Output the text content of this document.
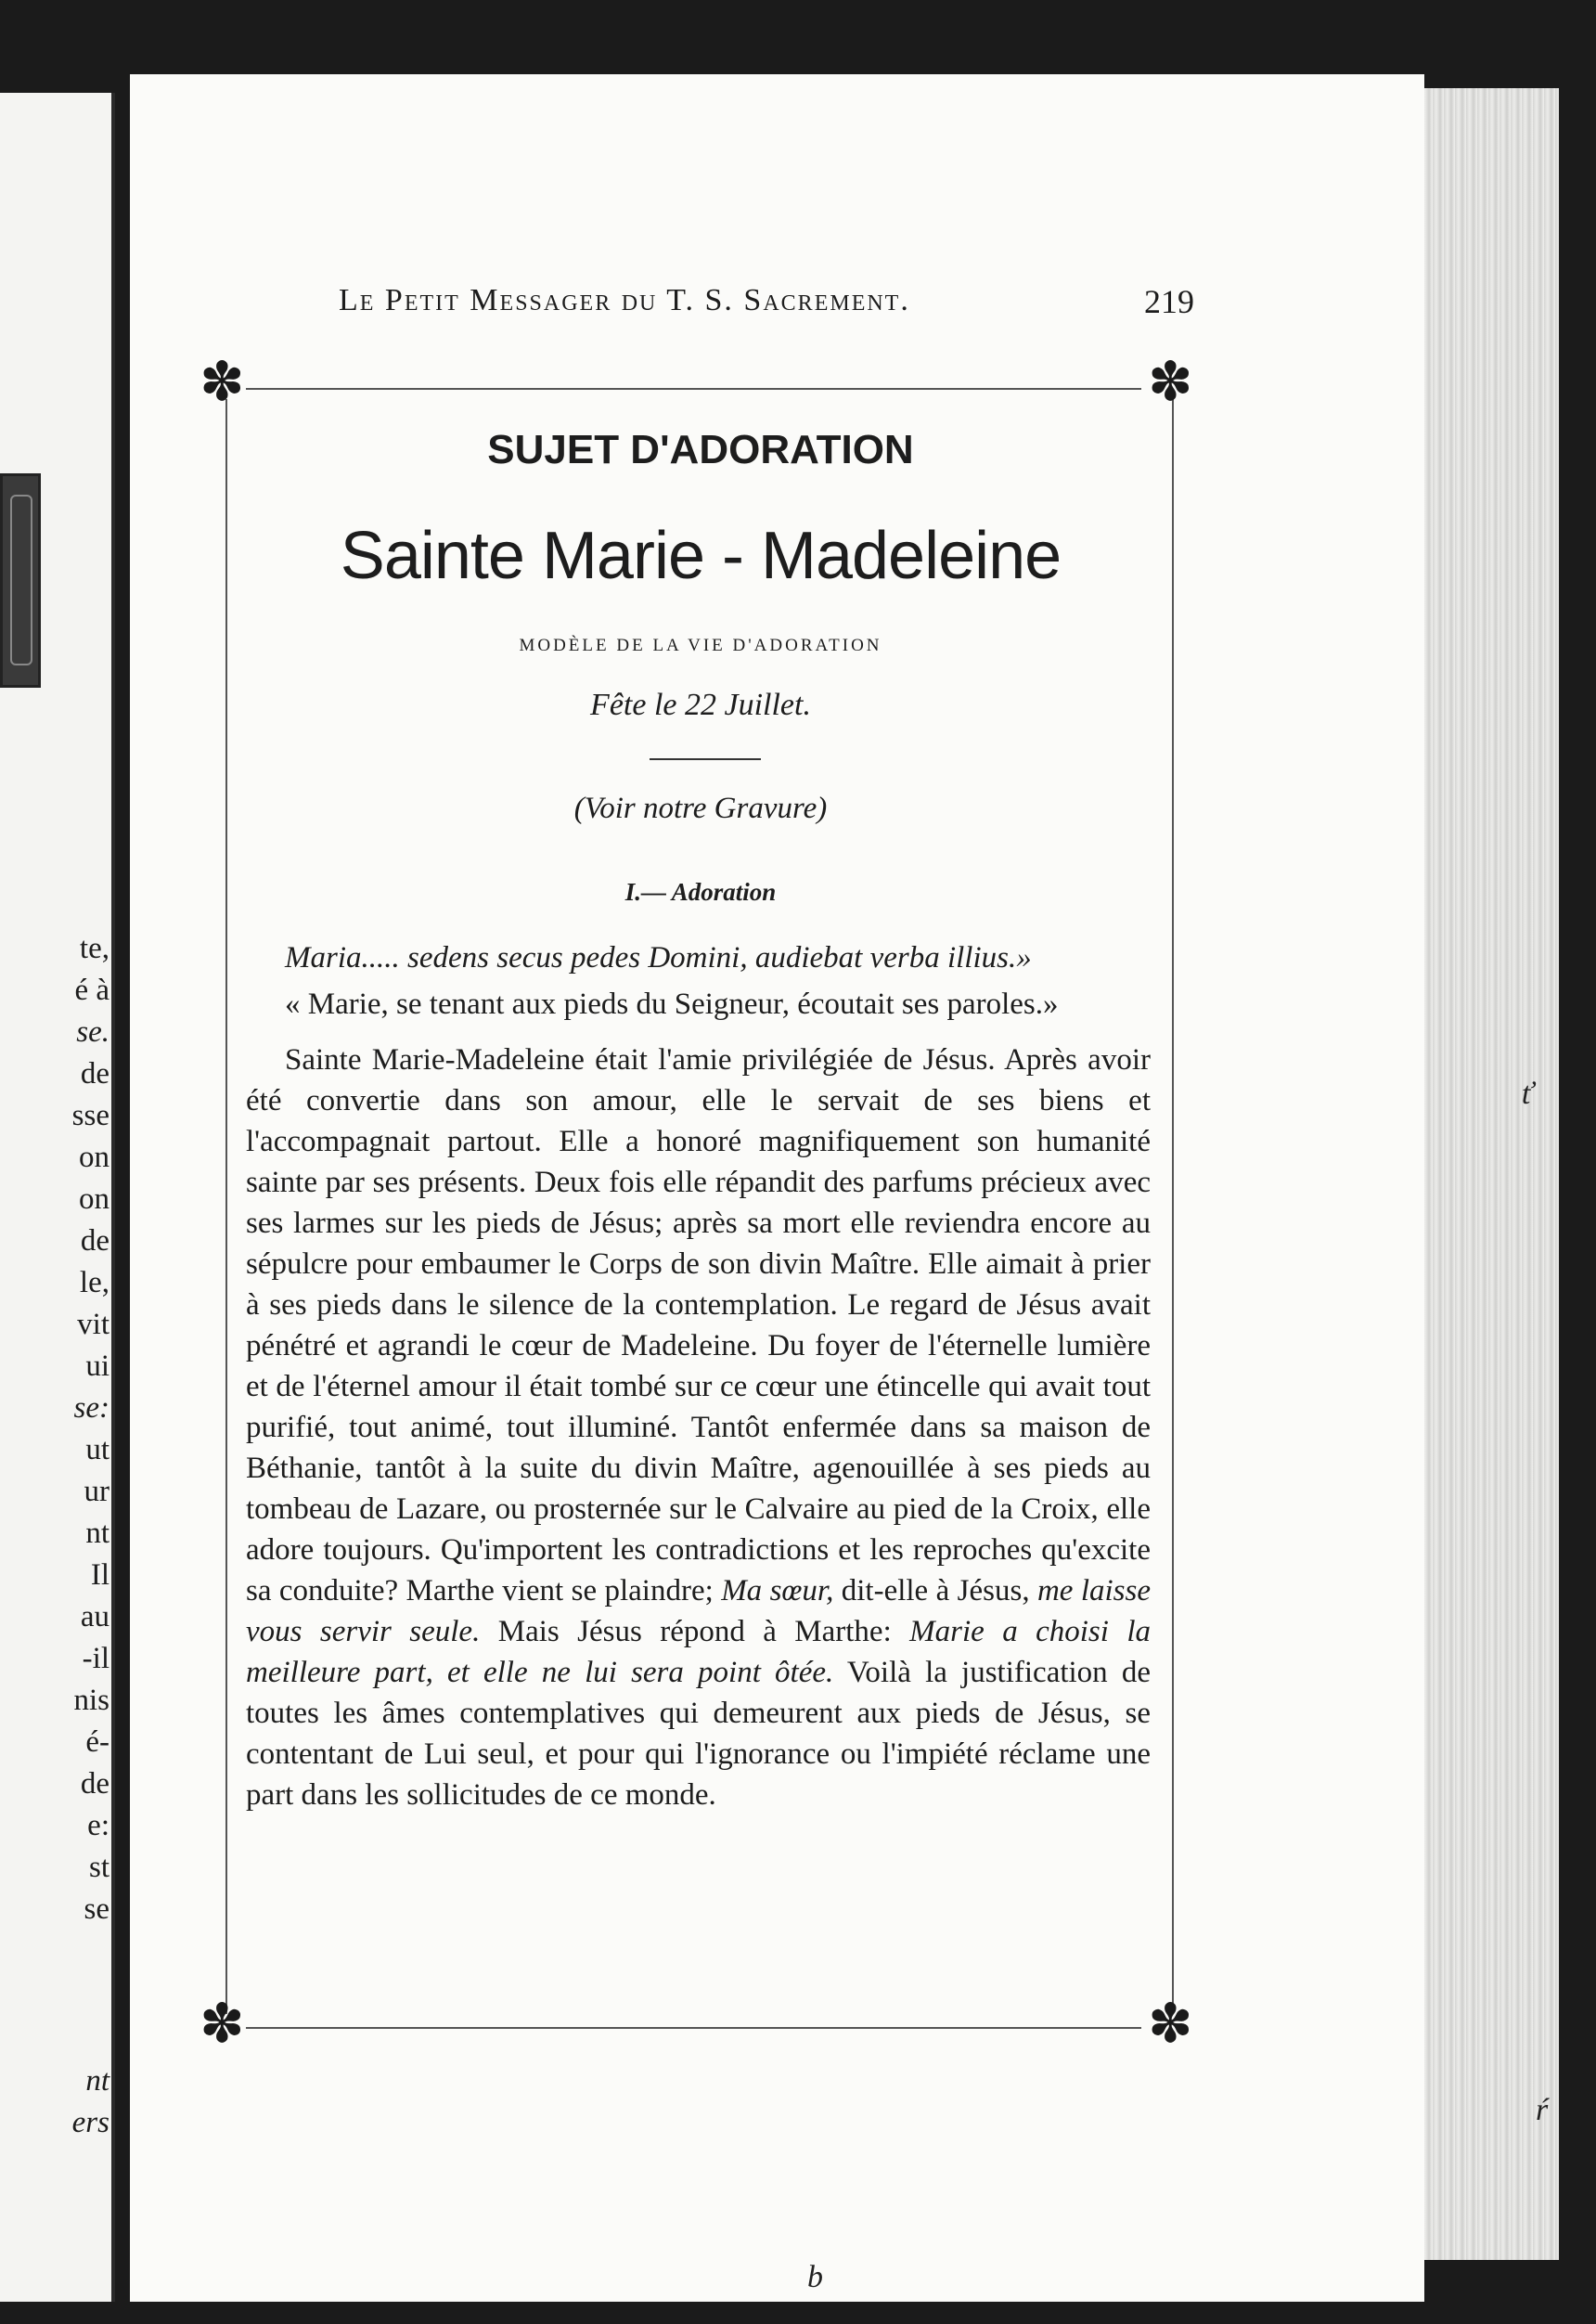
te,
é à
se.
de
sse
on
on
de
le,
vit
ui
se:
ut
ur
nt
Il
au
-il
nis
é-
de
e:
st
se
nt
ers
Le Petit Messager du T. S. Sacrement.	219
✽	✽
✽	✽
SUJET D'ADORATION
Sainte Marie - Madeleine
MODÈLE DE LA VIE D'ADORATION
Fête le 22 Juillet.
(Voir notre Gravure)
I.— Adoration

Maria..... sedens secus pedes Domini, audiebat verba illius.»

« Marie, se tenant aux pieds du Seigneur, écoutait ses paroles.»

Sainte Marie-Madeleine était l'amie privilégiée de Jésus. Après avoir été convertie dans son amour, elle le servait de ses biens et l'accompagnait partout. Elle a honoré magnifiquement son humanité sainte par ses présents. Deux fois elle répandit des parfums précieux avec ses larmes sur les pieds de Jésus; après sa mort elle reviendra encore au sépulcre pour embaumer le Corps de son divin Maître. Elle aimait à prier à ses pieds dans le silence de la contemplation. Le regard de Jésus avait pénétré et agrandi le cœur de Madeleine. Du foyer de l'éternelle lumière et de l'éternel amour il était tombé sur ce cœur une étincelle qui avait tout purifié, tout animé, tout illuminé. Tantôt enfermée dans sa maison de Béthanie, tantôt à la suite du divin Maître, agenouillée à ses pieds au tombeau de Lazare, ou prosternée sur le Calvaire au pied de la Croix, elle adore toujours. Qu'importent les contradictions et les reproches qu'excite sa conduite? Marthe vient se plaindre; Ma sœur, dit-elle à Jésus, me laisse vous servir seule. Mais Jésus répond à Marthe: Marie a choisi la meilleure part, et elle ne lui sera point ôtée. Voilà la justification de toutes les âmes contemplatives qui demeurent aux pieds de Jésus, se contentant de Lui seul, et pour qui l'ignorance ou l'impiété réclame une part dans les sollicitudes de ce monde.

ť
ŕ
b
